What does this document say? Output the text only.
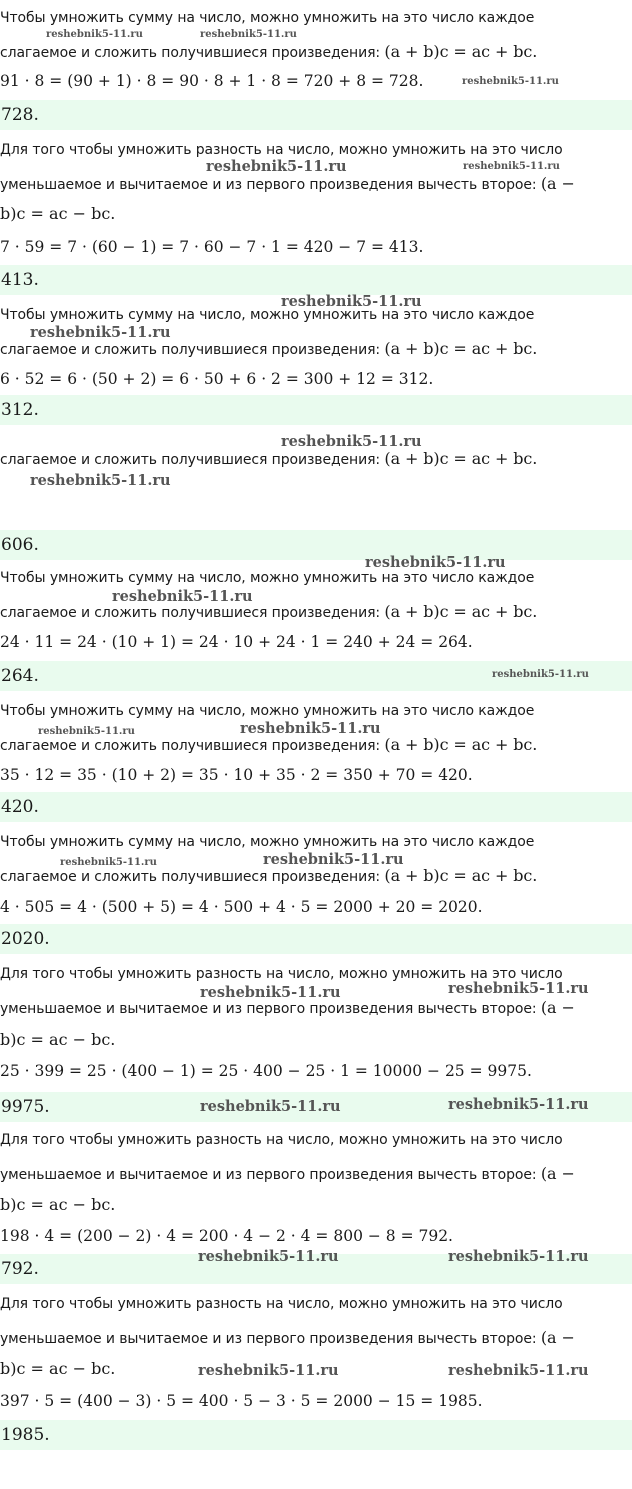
Чтобы умножить сумму на число, можно умножить на это число каждое
слагаемое и сложить получившиеся произведения: (a + b)c = ac + bc.
91 · 8 = (90 + 1) · 8 = 90 · 8 + 1 · 8 = 720 + 8 = 728.
728.
Для того чтобы умножить разность на число, можно умножить на это число
уменьшаемое и вычитаемое и из первого произведения вычесть второе: (a −
b)c = ac − bc.
7 · 59 = 7 · (60 − 1) = 7 · 60 − 7 · 1 = 420 − 7 = 413.
413.
Чтобы умножить сумму на число, можно умножить на это число каждое
слагаемое и сложить получившиеся произведения: (a + b)c = ac + bc.
6 · 52 = 6 · (50 + 2) = 6 · 50 + 6 · 2 = 300 + 12 = 312.
312.
слагаемое и сложить получившиеся произведения: (a + b)c = ac + bc.
606.
Чтобы умножить сумму на число, можно умножить на это число каждое
слагаемое и сложить получившиеся произведения: (a + b)c = ac + bc.
24 · 11 = 24 · (10 + 1) = 24 · 10 + 24 · 1 = 240 + 24 = 264.
264.
Чтобы умножить сумму на число, можно умножить на это число каждое
слагаемое и сложить получившиеся произведения: (a + b)c = ac + bc.
35 · 12 = 35 · (10 + 2) = 35 · 10 + 35 · 2 = 350 + 70 = 420.
420.
Чтобы умножить сумму на число, можно умножить на это число каждое
слагаемое и сложить получившиеся произведения: (a + b)c = ac + bc.
4 · 505 = 4 · (500 + 5) = 4 · 500 + 4 · 5 = 2000 + 20 = 2020.
2020.
Для того чтобы умножить разность на число, можно умножить на это число
уменьшаемое и вычитаемое и из первого произведения вычесть второе: (a −
b)c = ac − bc.
25 · 399 = 25 · (400 − 1) = 25 · 400 − 25 · 1 = 10000 − 25 = 9975.
9975.
Для того чтобы умножить разность на число, можно умножить на это число
уменьшаемое и вычитаемое и из первого произведения вычесть второе: (a −
b)c = ac − bc.
198 · 4 = (200 − 2) · 4 = 200 · 4 − 2 · 4 = 800 − 8 = 792.
792.
Для того чтобы умножить разность на число, можно умножить на это число
уменьшаемое и вычитаемое и из первого произведения вычесть второе: (a −
b)c = ac − bc.
397 · 5 = (400 − 3) · 5 = 400 · 5 − 3 · 5 = 2000 − 15 = 1985.
1985.
reshebnik5-11.ru	reshebnik5-11.ru
reshebnik5-11.ru
reshebnik5-11.ru	reshebnik5-11.ru
reshebnik5-11.ru
reshebnik5-11.ru
reshebnik5-11.ru
reshebnik5-11.ru
reshebnik5-11.ru
reshebnik5-11.ru
reshebnik5-11.ru
reshebnik5-11.ru	reshebnik5-11.ru
reshebnik5-11.ru	reshebnik5-11.ru
reshebnik5-11.ru	reshebnik5-11.ru
reshebnik5-11.ru	reshebnik5-11.ru
reshebnik5-11.ru	reshebnik5-11.ru
reshebnik5-11.ru	reshebnik5-11.ru
